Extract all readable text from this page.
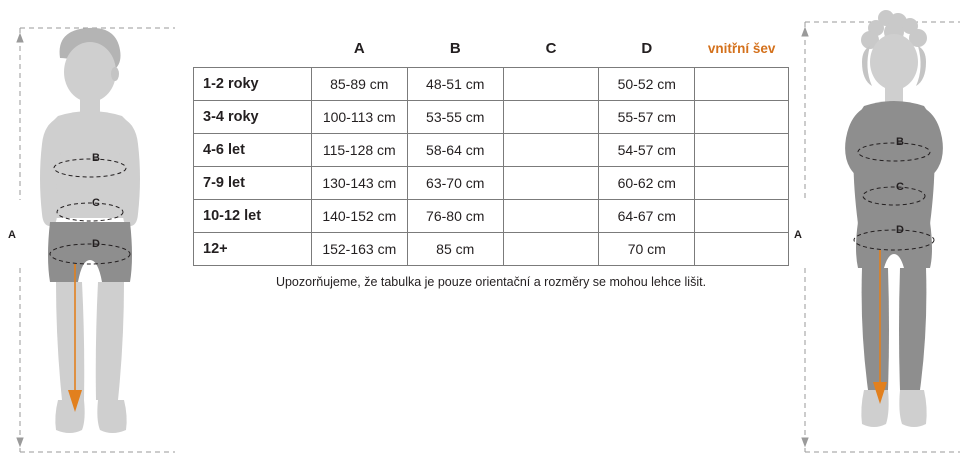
A
B
C
D
	A	B	C	D	vnitřní šev
1-2 roky	85-89 cm	48-51 cm		50-52 cm	
3-4 roky	100-113 cm	53-55 cm		55-57 cm	
4-6 let	115-128 cm	58-64 cm		54-57 cm	
7-9 let	130-143 cm	63-70 cm		60-62 cm	
10-12 let	140-152 cm	76-80 cm		64-67 cm	
12+	152-163 cm	85 cm		70 cm	
Upozorňujeme, že tabulka je pouze orientační a rozměry se mohou lehce lišit.
A
B
C
D
